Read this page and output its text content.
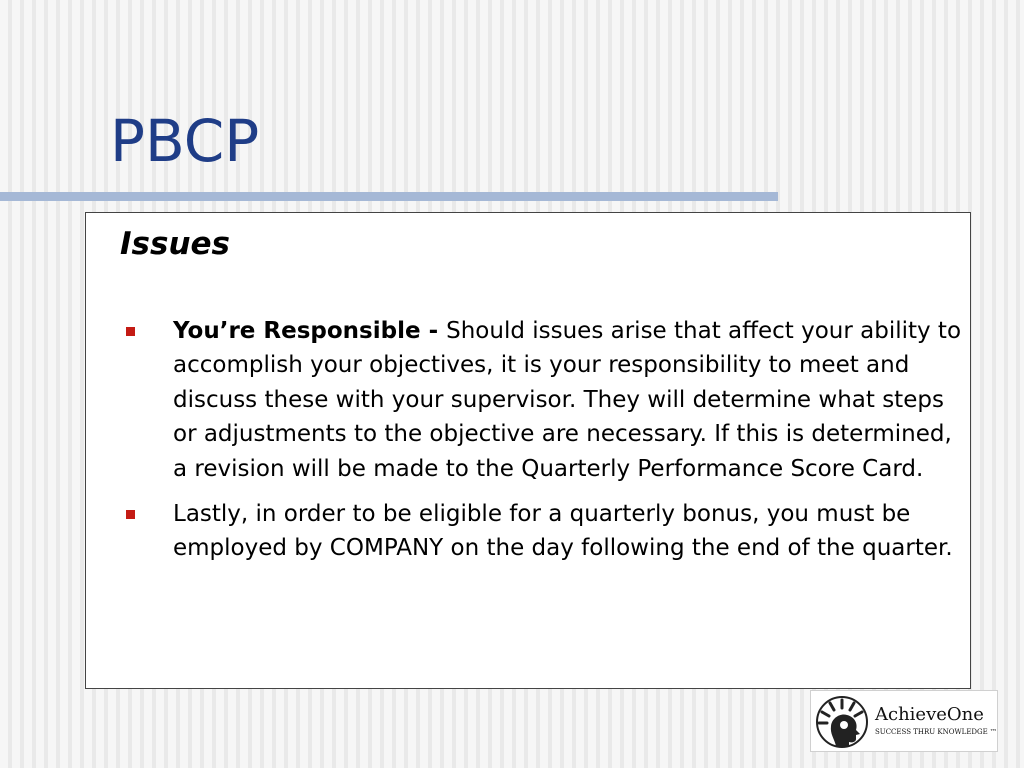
PBCP
Issues
You’re Responsible - Should issues arise that affect your ability to accomplish your objectives, it is your responsibility to meet and discuss these with your supervisor. They will determine what steps or adjustments to the objective are necessary. If this is determined, a revision will be made to the Quarterly Performance Score Card.
Lastly, in order to be eligible for a quarterly bonus, you must be employed by COMPANY on the day following the end of the quarter.
AchieveOne
SUCCESS THRU KNOWLEDGE ™
